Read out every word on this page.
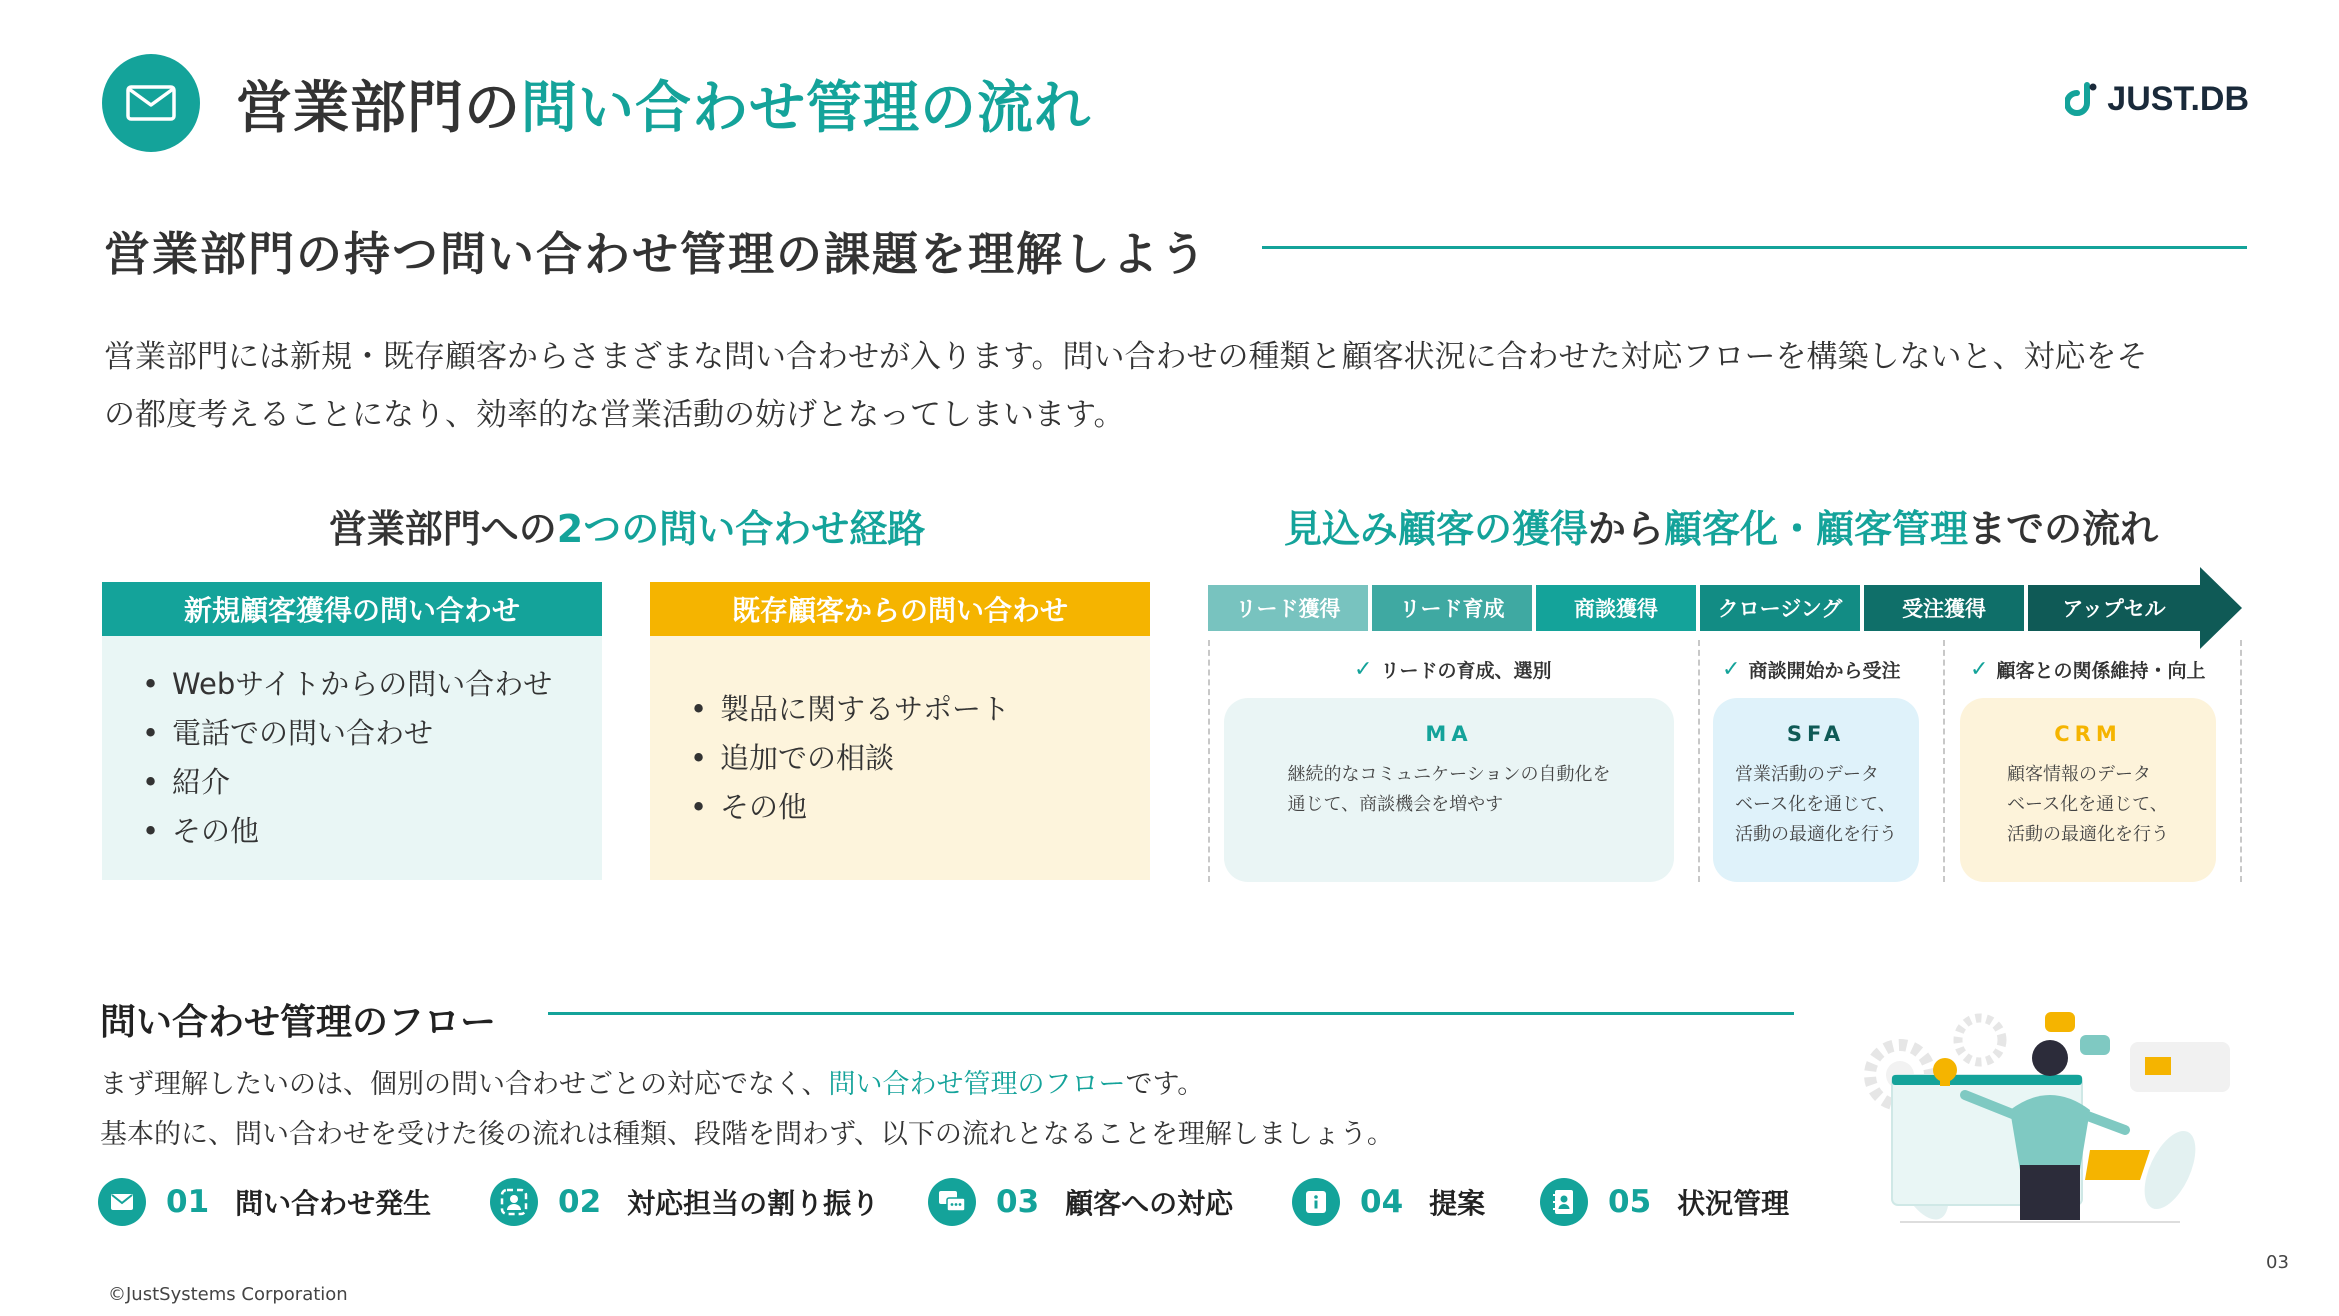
営業部門の問い合わせ管理の流れ	JUST.DB
営業部門の持つ問い合わせ管理の課題を理解しよう
営業部門には新規・既存顧客からさまざまな問い合わせが入ります。問い合わせの種類と顧客状況に合わせた対応フローを構築しないと、対応をそ
の都度考えることになり、効率的な営業活動の妨げとなってしまいます。
営業部門への2つの問い合わせ経路	見込み顧客の獲得から顧客化・顧客管理までの流れ
新規顧客獲得の問い合わせ
• Webサイトからの問い合わせ
• 電話での問い合わせ
• 紹介
• その他
既存顧客からの問い合わせ
• 製品に関するサポート
• 追加での相談
• その他
リード獲得	リード育成	商談獲得	クロージング	受注獲得	アップセル
✓ リードの育成、選別	✓ 商談開始から受注	✓ 顧客との関係維持・向上
MA
継続的なコミュニケーションの自動化を
通じて、商談機会を増やす
SFA
営業活動のデータ
ベース化を通じて、
活動の最適化を行う
CRM
顧客情報のデータ
ベース化を通じて、
活動の最適化を行う
問い合わせ管理のフロー
まず理解したいのは、個別の問い合わせごとの対応でなく、問い合わせ管理のフローです。
基本的に、問い合わせを受けた後の流れは種類、段階を問わず、以下の流れとなることを理解しましょう。
01 問い合わせ発生	02 対応担当の割り振り	03 顧客への対応	04 提案	05 状況管理
©JustSystems Corporation
03
